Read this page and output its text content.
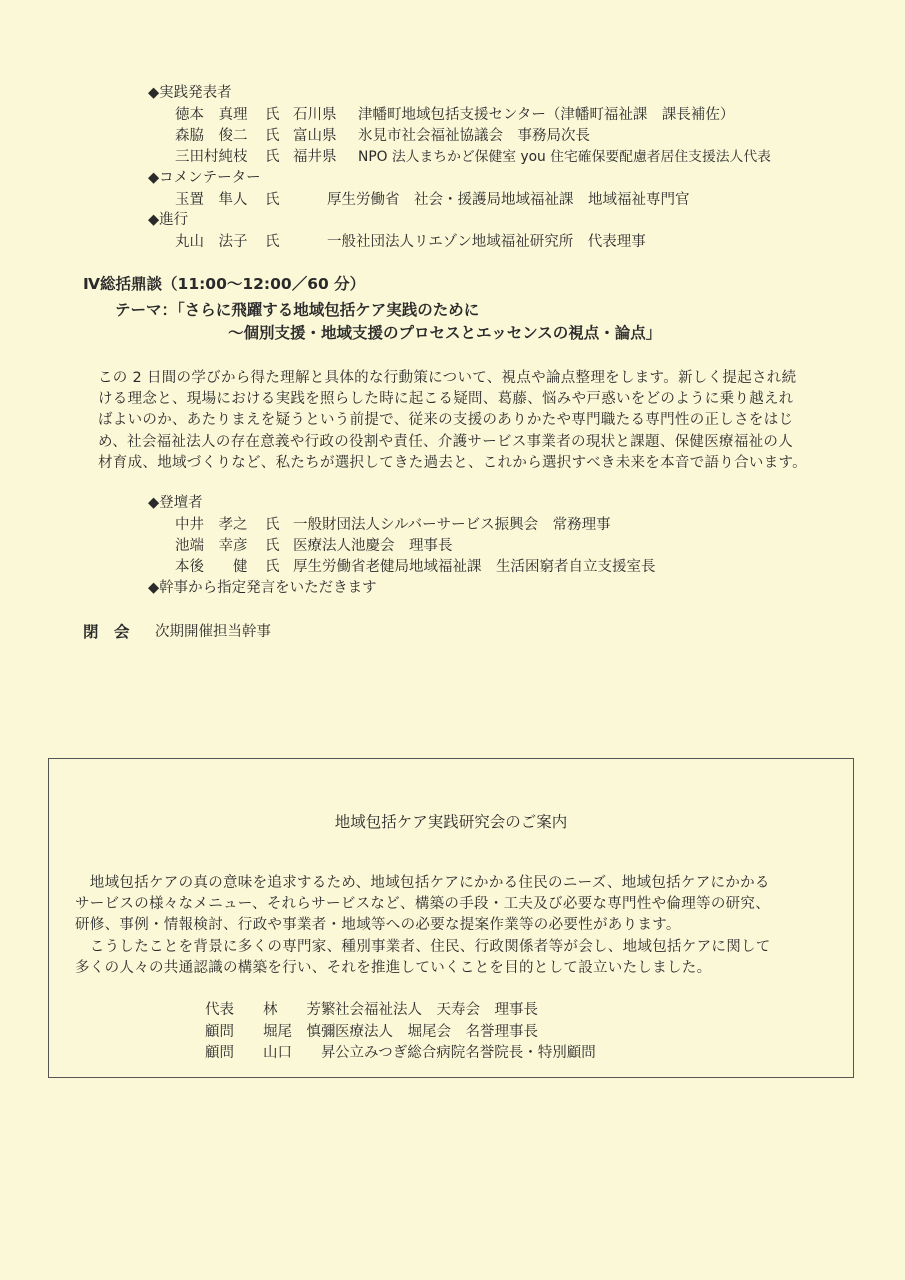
◆実践発表者
徳本　真理 氏 石川県 津幡町地域包括支援センター（津幡町福祉課　課長補佐）
森脇　俊二 氏 富山県 氷見市社会福祉協議会　事務局次長
三田村純枝 氏 福井県 NPO 法人まちかど保健室 you 住宅確保要配慮者居住支援法人代表
◆コメンテーター
玉置　隼人 氏	厚生労働省　社会・援護局地域福祉課　地域福祉専門官
◆進行
丸山　法子 氏	一般社団法人リエゾン地域福祉研究所　代表理事
Ⅳ総括鼎談（11:00～12:00／60 分）
テーマ：「さらに飛躍する地域包括ケア実践のために
～個別支援・地域支援のプロセスとエッセンスの視点・論点」
この 2 日間の学びから得た理解と具体的な行動策について、視点や論点整理をします。新しく提起され続
ける理念と、現場における実践を照らした時に起こる疑問、葛藤、悩みや戸惑いをどのように乗り越えれ
ばよいのか、あたりまえを疑うという前提で、従来の支援のありかたや専門職たる専門性の正しさをはじ
め、社会福祉法人の存在意義や行政の役割や責任、介護サービス事業者の現状と課題、保健医療福祉の人
材育成、地域づくりなど、私たちが選択してきた過去と、これから選択すべき未来を本音で語り合います。
◆登壇者
中井　孝之 氏 一般財団法人シルバーサービス振興会　常務理事
池端　幸彦 氏 医療法人池慶会　理事長
本後　　健 氏 厚生労働省老健局地域福祉課　生活困窮者自立支援室長
◆幹事から指定発言をいただきます
閉　会 次期開催担当幹事
地域包括ケア実践研究会のご案内
　地域包括ケアの真の意味を追求するため、地域包括ケアにかかる住民のニーズ、地域包括ケアにかかる
サービスの様々なメニュー、それらサービスなど、構築の手段・工夫及び必要な専門性や倫理等の研究、
研修、事例・情報検討、行政や事業者・地域等への必要な提案作業等の必要性があります。
　こうしたことを背景に多くの専門家、種別事業者、住民、行政関係者等が会し、地域包括ケアに関して
多くの人々の共通認識の構築を行い、それを推進していくことを目的として設立いたしました。
代表 林　　芳繁 社会福祉法人　天寿会　理事長
顧問 堀尾　慎彌 医療法人　堀尾会　名誉理事長
顧問 山口　　昇 公立みつぎ総合病院名誉院長・特別顧問
